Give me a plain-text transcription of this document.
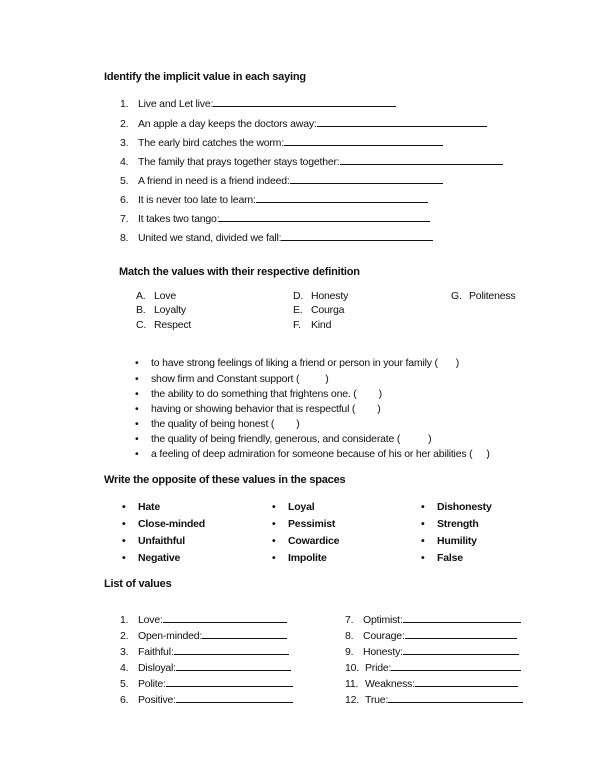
Identify the implicit value in each saying
1. Live and Let live:
2. An apple a day keeps the doctors away:
3. The early bird catches the worm:
4. The family that prays together stays together:
5. A friend in need is a friend indeed:
6. It is never too late to learn:
7. It takes two tango:
8. United we stand, divided we fall:
Match the values with their respective definition
A. Love
B. Loyalty
C. Respect
D. Honesty
E. Courga
F. Kind
G. Politeness
• to have strong feelings of liking a friend or person in your family ( )
• show firm and Constant support ( )
• the ability to do something that frightens one. ( )
• having or showing behavior that is respectful ( )
• the quality of being honest ( )
• the quality of being friendly, generous, and considerate (	)
• a feeling of deep admiration for someone because of his or her abilities ( )
Write the opposite of these values in the spaces
• Hate
• Close-minded
• Unfaithful
• Negative
• Loyal
• Pessimist
• Cowardice
• Impolite
• Dishonesty
• Strength
• Humility
• False
List of values
1. Love:
2. Open-minded:
3. Faithful:
4. Disloyal:
5. Polite:
6. Positive:
7. Optimist:
8. Courage:
9. Honesty:
10. Pride:
11. Weakness:
12. True:
